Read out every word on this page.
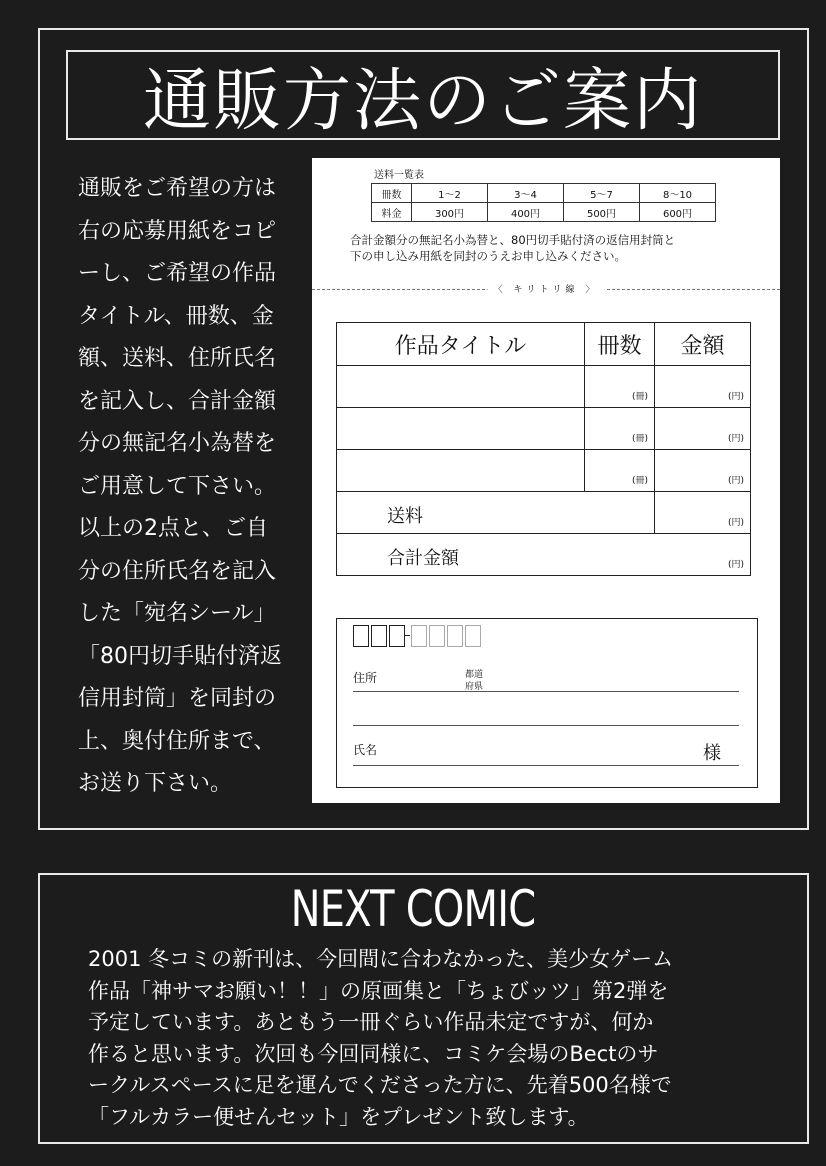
通販方法のご案内
通販をご希望の方は
右の応募用紙をコピ
ーし、ご希望の作品
タイトル、冊数、金
額、送料、住所氏名
を記入し、合計金額
分の無記名小為替を
ご用意して下さい。
以上の2点と、ご自
分の住所氏名を記入
した「宛名シール」
「80円切手貼付済返
信用封筒」を同封の
上、奥付住所まで、
お送り下さい。
送料一覧表
冊数	1～2	3～4	5～7	8～10
料金	300円	400円	500円	600円
合計金額分の無記名小為替と、80円切手貼付済の返信用封筒と
下の申し込み用紙を同封のうえお申し込みください。
〈 キリトリ線 〉
作品タイトル	冊数	金額
	(冊)	(円)
	(冊)	(円)
	(冊)	(円)
送料		(円)
合計金額 (円)		
住所	都道
府県
氏名	様
NEXT COMIC
2001 冬コミの新刊は、今回間に合わなかった、美少女ゲーム
作品「神サマお願い！！」の原画集と「ちょびッツ」第2弾を
予定しています。あともう一冊ぐらい作品未定ですが、何か
作ると思います。次回も今回同様に、コミケ会場のBectのサ
ークルスペースに足を運んでくださった方に、先着500名様で
「フルカラー便せんセット」をプレゼント致します。
